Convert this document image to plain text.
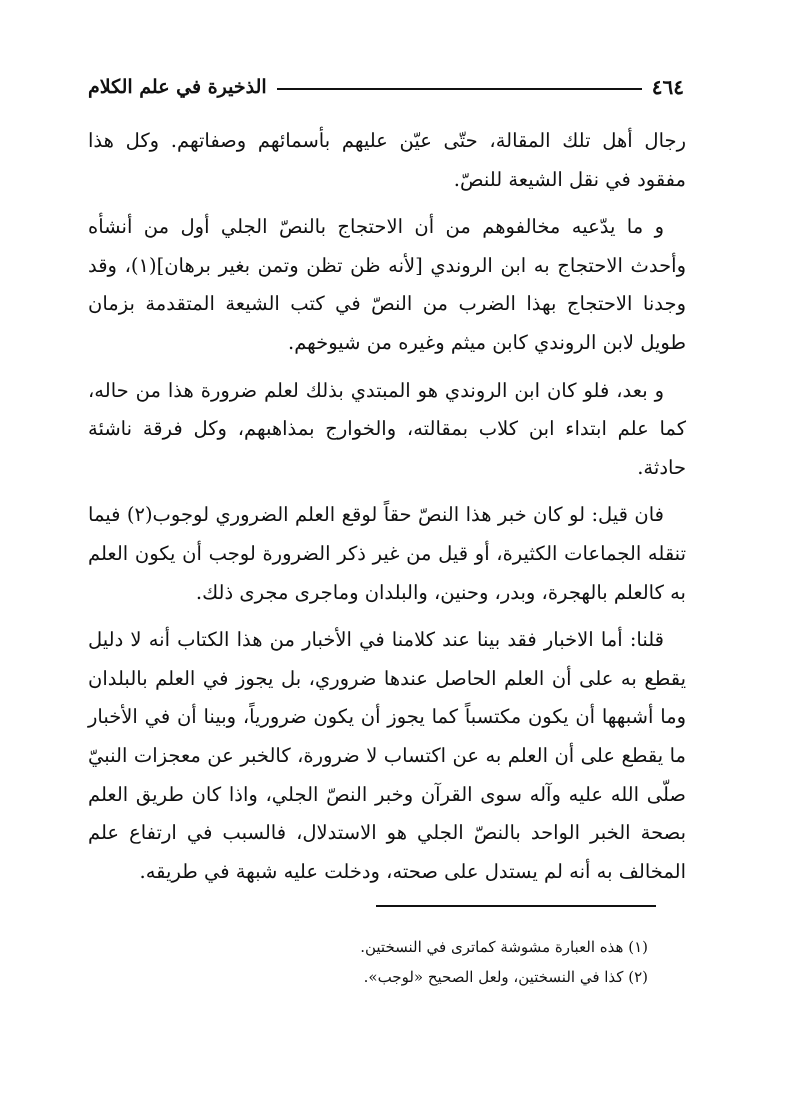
٤٦٤
الذخيرة في علم الكلام

رجال أهل تلك المقالة، حتّى عيّن عليهم بأسمائهم وصفاتهم. وكل هذا مفقود في نقل الشيعة للنصّ.

و ما يدّعيه مخالفوهم من أن الاحتجاج بالنصّ الجلي أول من أنشأه وأحدث الاحتجاج به ابن الروندي [لأنه ظن تظن وتمن بغير برهان](١)، وقد وجدنا الاحتجاج بهذا الضرب من النصّ في كتب الشيعة المتقدمة بزمان طويل لابن الروندي كابن ميثم وغيره من شيوخهم.

و بعد، فلو كان ابن الروندي هو المبتدي بذلك لعلم ضرورة هذا من حاله، كما علم ابتداء ابن كلاب بمقالته، والخوارج بمذاهبهم، وكل فرقة ناشئة حادثة.

فان قيل: لو كان خبر هذا النصّ حقاً لوقع العلم الضروري لوجوب(٢) فيما تنقله الجماعات الكثيرة، أو قيل من غير ذكر الضرورة لوجب أن يكون العلم به كالعلم بالهجرة، وبدر، وحنين، والبلدان وماجرى مجرى ذلك.

قلنا: أما الاخبار فقد بينا عند كلامنا في الأخبار من هذا الكتاب أنه لا دليل يقطع به على أن العلم الحاصل عندها ضروري، بل يجوز في العلم بالبلدان وما أشبهها أن يكون مكتسباً كما يجوز أن يكون ضرورياً، وبينا أن في الأخبار ما يقطع على أن العلم به عن اكتساب لا ضرورة، كالخبر عن معجزات النبيّ صلّى الله عليه وآله سوى القرآن وخبر النصّ الجلي، واذا كان طريق العلم بصحة الخبر الواحد بالنصّ الجلي هو الاستدلال، فالسبب في ارتفاع علم المخالف به أنه لم يستدل على صحته، ودخلت عليه شبهة في طريقه.

(١) هذه العبارة مشوشة كماترى في النسختين.
(٢) كذا في النسختين، ولعل الصحيح «لوجب».
